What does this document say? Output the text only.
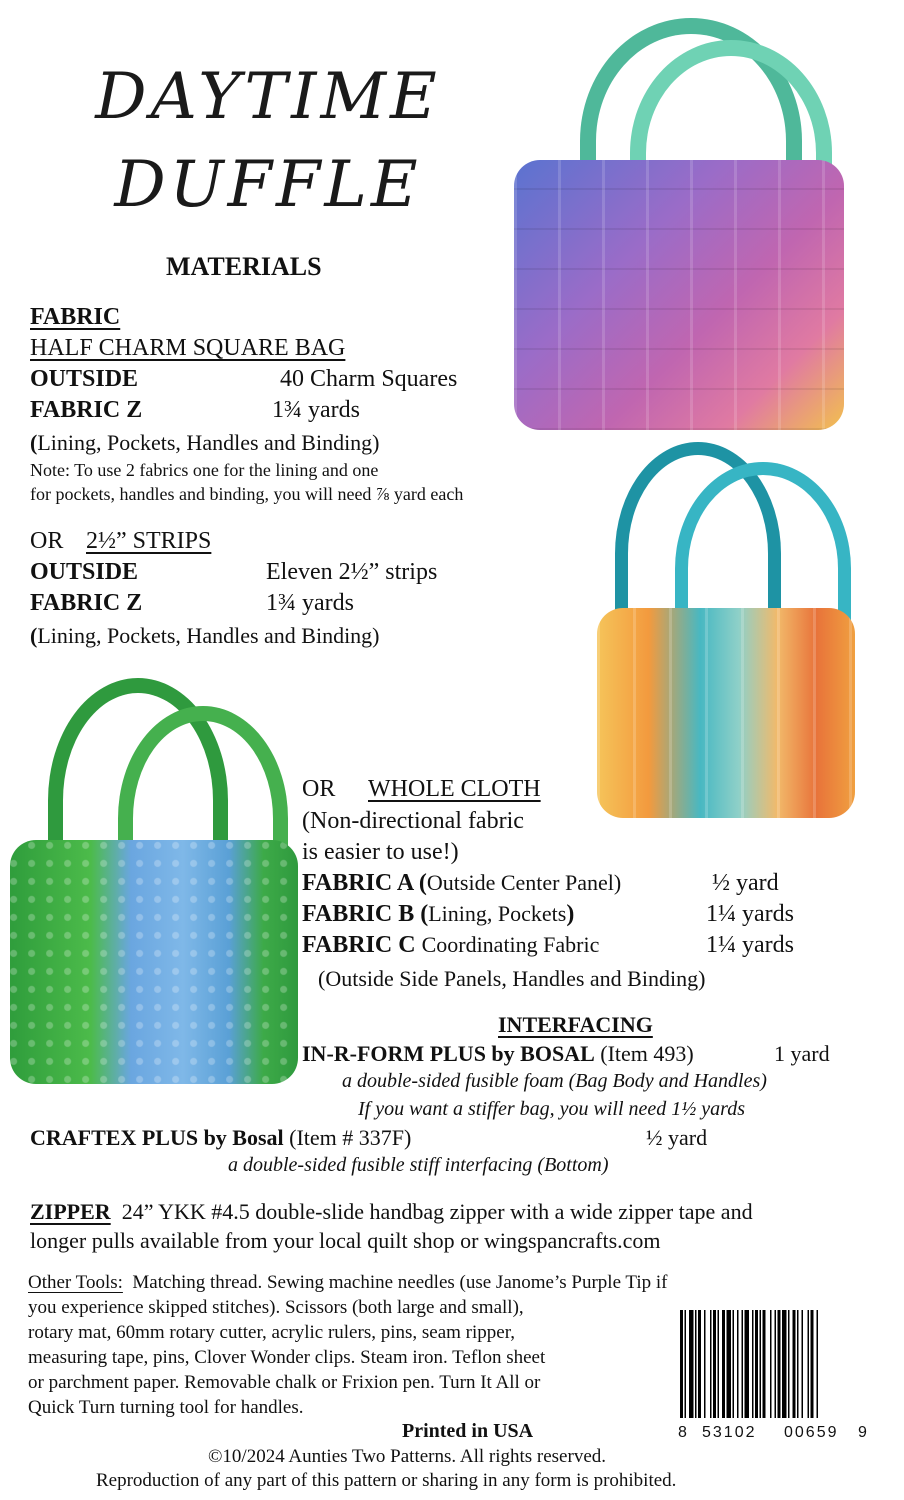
DAYTIME
DUFFLE
MATERIALS
FABRIC
HALF CHARM SQUARE BAG
OUTSIDE	40 Charm Squares
FABRIC Z	1¾ yards
(Lining, Pockets, Handles and Binding)
Note: To use 2 fabrics one for the lining and one
for pockets, handles and binding, you will need ⅞ yard each
OR 2½” STRIPS
OUTSIDE	Eleven 2½” strips
FABRIC Z	1¾ yards
(Lining, Pockets, Handles and Binding)
OR WHOLE CLOTH
(Non-directional fabric
is easier to use!)
FABRIC A (Outside Center Panel)	½ yard
FABRIC B (Lining, Pockets)	1¼ yards
FABRIC C Coordinating Fabric	1¼ yards
(Outside Side Panels, Handles and Binding)
INTERFACING
IN-R-FORM PLUS by BOSAL (Item 493)	1 yard
a double-sided fusible foam (Bag Body and Handles)
If you want a stiffer bag, you will need 1½ yards
CRAFTEX PLUS by Bosal (Item # 337F)	½ yard
a double-sided fusible stiff interfacing (Bottom)
ZIPPER 24” YKK #4.5 double-slide handbag zipper with a wide zipper tape and
longer pulls available from your local quilt shop or wingspancrafts.com
Other Tools: Matching thread. Sewing machine needles (use Janome’s Purple Tip if
you experience skipped stitches). Scissors (both large and small),
rotary mat, 60mm rotary cutter, acrylic rulers, pins, seam ripper,
measuring tape, pins, Clover Wonder clips. Steam iron. Teflon sheet
or parchment paper. Removable chalk or Frixion pen. Turn It All or
Quick Turn turning tool for handles.
8 53102 00659 9
Printed in USA
©10/2024 Aunties Two Patterns. All rights reserved.
Reproduction of any part of this pattern or sharing in any form is prohibited.
